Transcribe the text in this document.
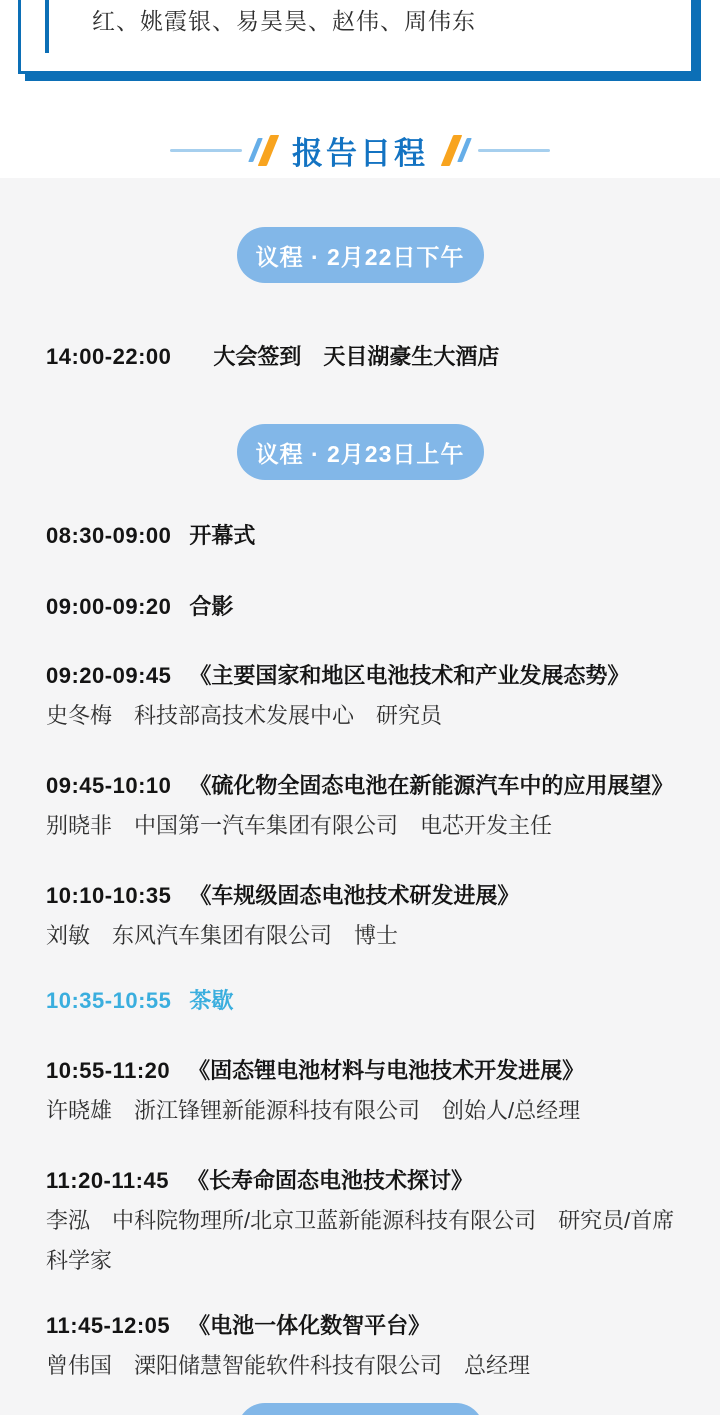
红、姚霞银、易昊昊、赵伟、周伟东
报告日程
议程 · 2月22日下午
14:00-22:00 大会签到　天目湖豪生大酒店
议程 · 2月23日上午
08:30-09:00 开幕式
09:00-09:20 合影
09:20-09:45 《主要国家和地区电池技术和产业发展态势》
史冬梅　科技部高技术发展中心　研究员
09:45-10:10 《硫化物全固态电池在新能源汽车中的应用展望》
别晓非　中国第一汽车集团有限公司　电芯开发主任
10:10-10:35 《车规级固态电池技术研发进展》
刘敏　东风汽车集团有限公司　博士
10:35-10:55 茶歇
10:55-11:20 《固态锂电池材料与电池技术开发进展》
许晓雄　浙江锋锂新能源科技有限公司　创始人/总经理
11:20-11:45 《长寿命固态电池技术探讨》
李泓　中科院物理所/北京卫蓝新能源科技有限公司　研究员/首席科学家
11:45-12:05 《电池一体化数智平台》
曾伟国　溧阳储慧智能软件科技有限公司　总经理
